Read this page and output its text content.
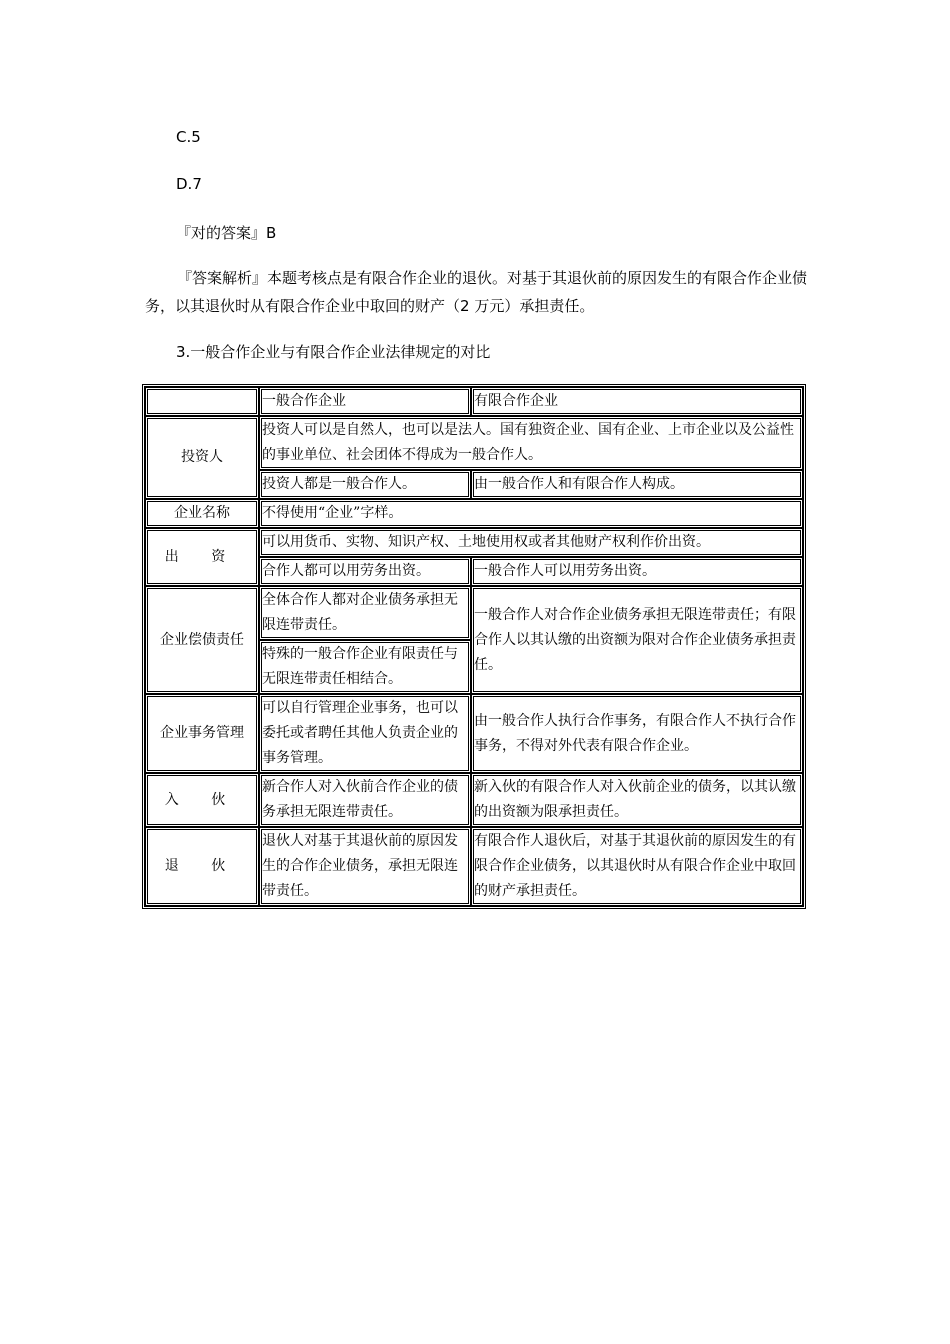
C.5
D.7
『对的答案』B
『答案解析』本题考核点是有限合作企业的退伙。对基于其退伙前的原因发生的有限合作企业债务，以其退伙时从有限合作企业中取回的财产（2 万元）承担责任。
3.一般合作企业与有限合作企业法律规定的对比
	一般合作企业	有限合作企业
投资人	投资人可以是自然人，也可以是法人。国有独资企业、国有企业、上市企业以及公益性的事业单位、社会团体不得成为一般合作人。	
	投资人都是一般合作人。	由一般合作人和有限合作人构成。
企业名称	不得使用“企业”字样。	
出 资	可以用货币、实物、知识产权、土地使用权或者其他财产权利作价出资。	
	合作人都可以用劳务出资。	一般合作人可以用劳务出资。
企业偿债责任	全体合作人都对企业债务承担无限连带责任。	一般合作人对合作企业债务承担无限连带责任；有限合作人以其认缴的出资额为限对合作企业债务承担责任。
	特殊的一般合作企业有限责任与无限连带责任相结合。	
企业事务管理	可以自行管理企业事务，也可以委托或者聘任其他人负责企业的事务管理。	由一般合作人执行合作事务，有限合作人不执行合作事务，不得对外代表有限合作企业。
入 伙	新合作人对入伙前合作企业的债务承担无限连带责任。	新入伙的有限合作人对入伙前企业的债务，以其认缴的出资额为限承担责任。
退 伙	退伙人对基于其退伙前的原因发生的合作企业债务，承担无限连带责任。	有限合作人退伙后，对基于其退伙前的原因发生的有限合作企业债务，以其退伙时从有限合作企业中取回的财产承担责任。
